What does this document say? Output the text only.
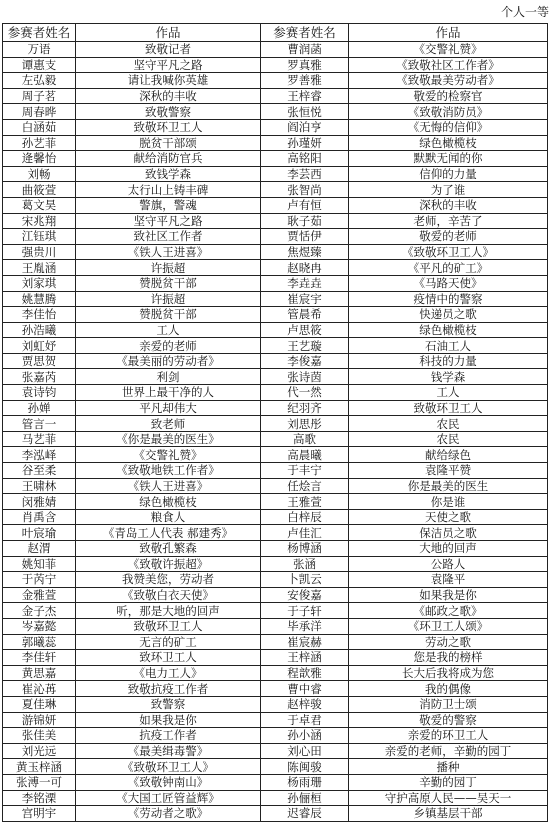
个人一等
参赛者姓名	作品	参赛者姓名	作品
万语	致敬记者	曹润菡	《交警礼赞》
谭惠支	坚守平凡之路	罗真雅	《致敬社区工作者》
左弘毅	请让我喊你英雄	罗善雅	《致敬最美劳动者》
周子茗	深秋的丰收	王梓睿	敬爱的检察官
周春晔	致敬警察	张恒悦	《致敬消防员》
白涵茹	致敬环卫工人	阎泊亨	《无悔的信仰》
孙艺菲	脱贫干部颂	孙瑾妍	绿色橄榄枝
逄馨怡	献给消防官兵	高铭阳	默默无闻的你
刘畅	致钱学森	李芸西	信仰的力量
曲筱萱	太行山上铸丰碑	张智尚	为了谁
葛文昊	警旗，警魂	卢有恒	深秋的丰收
宋兆翔	坚守平凡之路	耿子茹	老师，辛苦了
江钰琪	致社区工作者	贾恬伊	敬爱的老师
强贵川	《铁人王进喜》	焦煜臻	《致敬环卫工人》
王胤涵	许振超	赵晓冉	《平凡的矿工》
刘家琪	赞脱贫干部	李垚垚	《马路天使》
姚慧腾	许振超	崔宸宇	疫情中的警察
李佳怡	赞脱贫干部	管晨希	快递员之歌
孙浩曦	工人	卢思筱	绿色橄榄枝
刘虹妤	亲爱的老师	王艺璇	石油工人
贾思贺	《最美丽的劳动者》	李俊嘉	科技的力量
张嘉芮	利剑	张诗茵	钱学森
袁诗钧	世界上最干净的人	代一然	工人
孙婵	平凡却伟大	纪羽齐	致敬环卫工人
管言一	致老师	刘思彤	农民
马艺菲	《你是最美的医生》	高歌	农民
李泓峄	《交警礼赞》	高晨曦	献给绿色
谷至柔	《致敬地铁工作者》	于丰宁	袁隆平赞
王啸林	《铁人王进喜》	任烩言	你是最美的医生
闵雅婧	绿色橄榄枝	王雅萱	你是谁
肖禹含	粮食人	白梓辰	天使之歌
叶宸瑜	《青岛工人代表 郝建秀》	卢佳汇	保洁员之歌
赵渭	致敬孔繁森	杨博涵	大地的回声
姚知菲	《致敬许振超》	张涵	公路人
于芮宁	我赞美您，劳动者	卜凯云	袁隆平
金雅萱	《致敬白衣天使》	安俊嘉	如果我是你
金子杰	听，那是大地的回声	于子轩	《邮政之歌》
岑嘉懿	致敬环卫工人	毕承洋	《环卫工人颂》
郭曦蕊	无言的矿工	崔宸赫	劳动之歌
李佳轩	致环卫工人	王梓涵	您是我的榜样
黄思嘉	《电力工人》	程歆雅	长大后我将成为您
崔沁苒	致敬抗疫工作者	曹中睿	我的偶像
夏佳琳	致警察	赵梓骏	消防卫士颂
游锦妍	如果我是你	于卓君	敬爱的警察
张佳美	抗疫工作者	孙小涵	亲爱的环卫工人
刘光远	《最美缉毒警》	刘心田	亲爱的老师，辛勤的园丁
黄玉梓涵	《致敬环卫工人》	陈闽骏	播种
张溥一可	《致敬钟南山》	杨雨珊	辛勤的园丁
李铭溧	《大国工匠管益辉》	孙俪桓	守护高原人民——吴天一
宫明宇	《劳动者之歌》	迟睿辰	乡镇基层干部
